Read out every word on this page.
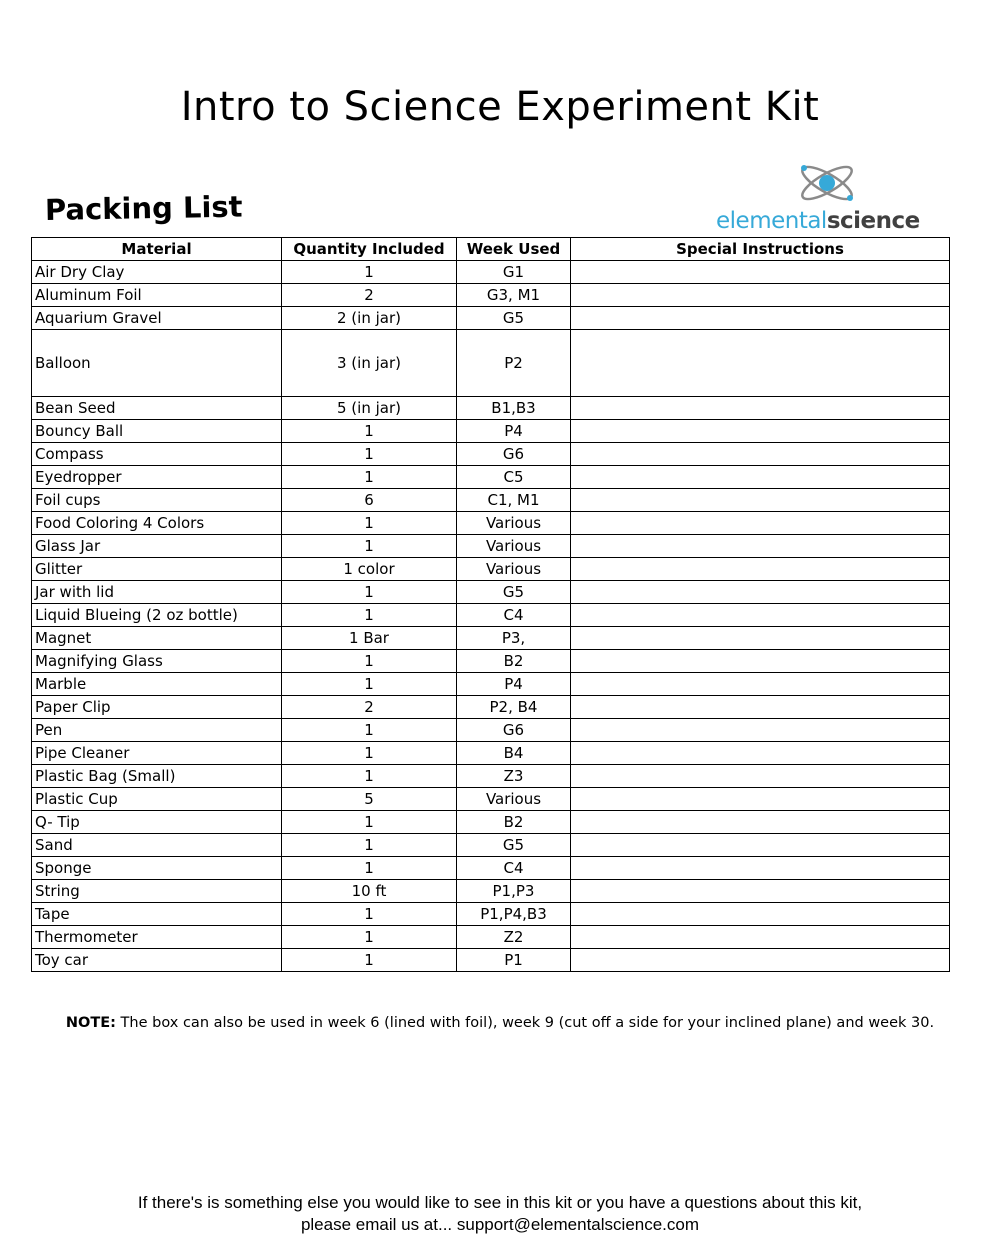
Intro to Science Experiment Kit
Packing List	elementalscience
Material	Quantity Included	Week Used	Special Instructions
Air Dry Clay	1	G1	
Aluminum Foil	2	G3, M1	
Aquarium Gravel	2 (in jar)	G5	
Balloon	3 (in jar)	P2	
Bean Seed	5 (in jar)	B1,B3	
Bouncy Ball	1	P4	
Compass	1	G6	
Eyedropper	1	C5	
Foil cups	6	C1, M1	
Food Coloring 4 Colors	1	Various	
Glass Jar	1	Various	
Glitter	1 color	Various	
Jar with lid	1	G5	
Liquid Blueing (2 oz bottle)	1	C4	
Magnet	1 Bar	P3,	
Magnifying Glass	1	B2	
Marble	1	P4	
Paper Clip	2	P2, B4	
Pen	1	G6	
Pipe Cleaner	1	B4	
Plastic Bag (Small)	1	Z3	
Plastic Cup	5	Various	
Q- Tip	1	B2	
Sand	1	G5	
Sponge	1	C4	
String	10 ft	P1,P3	
Tape	1	P1,P4,B3	
Thermometer	1	Z2	
Toy car	1	P1	
NOTE: The box can also be used in week 6 (lined with foil), week 9 (cut off a side for your inclined plane) and week 30.
If there's is something else you would like to see in this kit or you have a questions about this kit,
please email us at... support@elementalscience.com
